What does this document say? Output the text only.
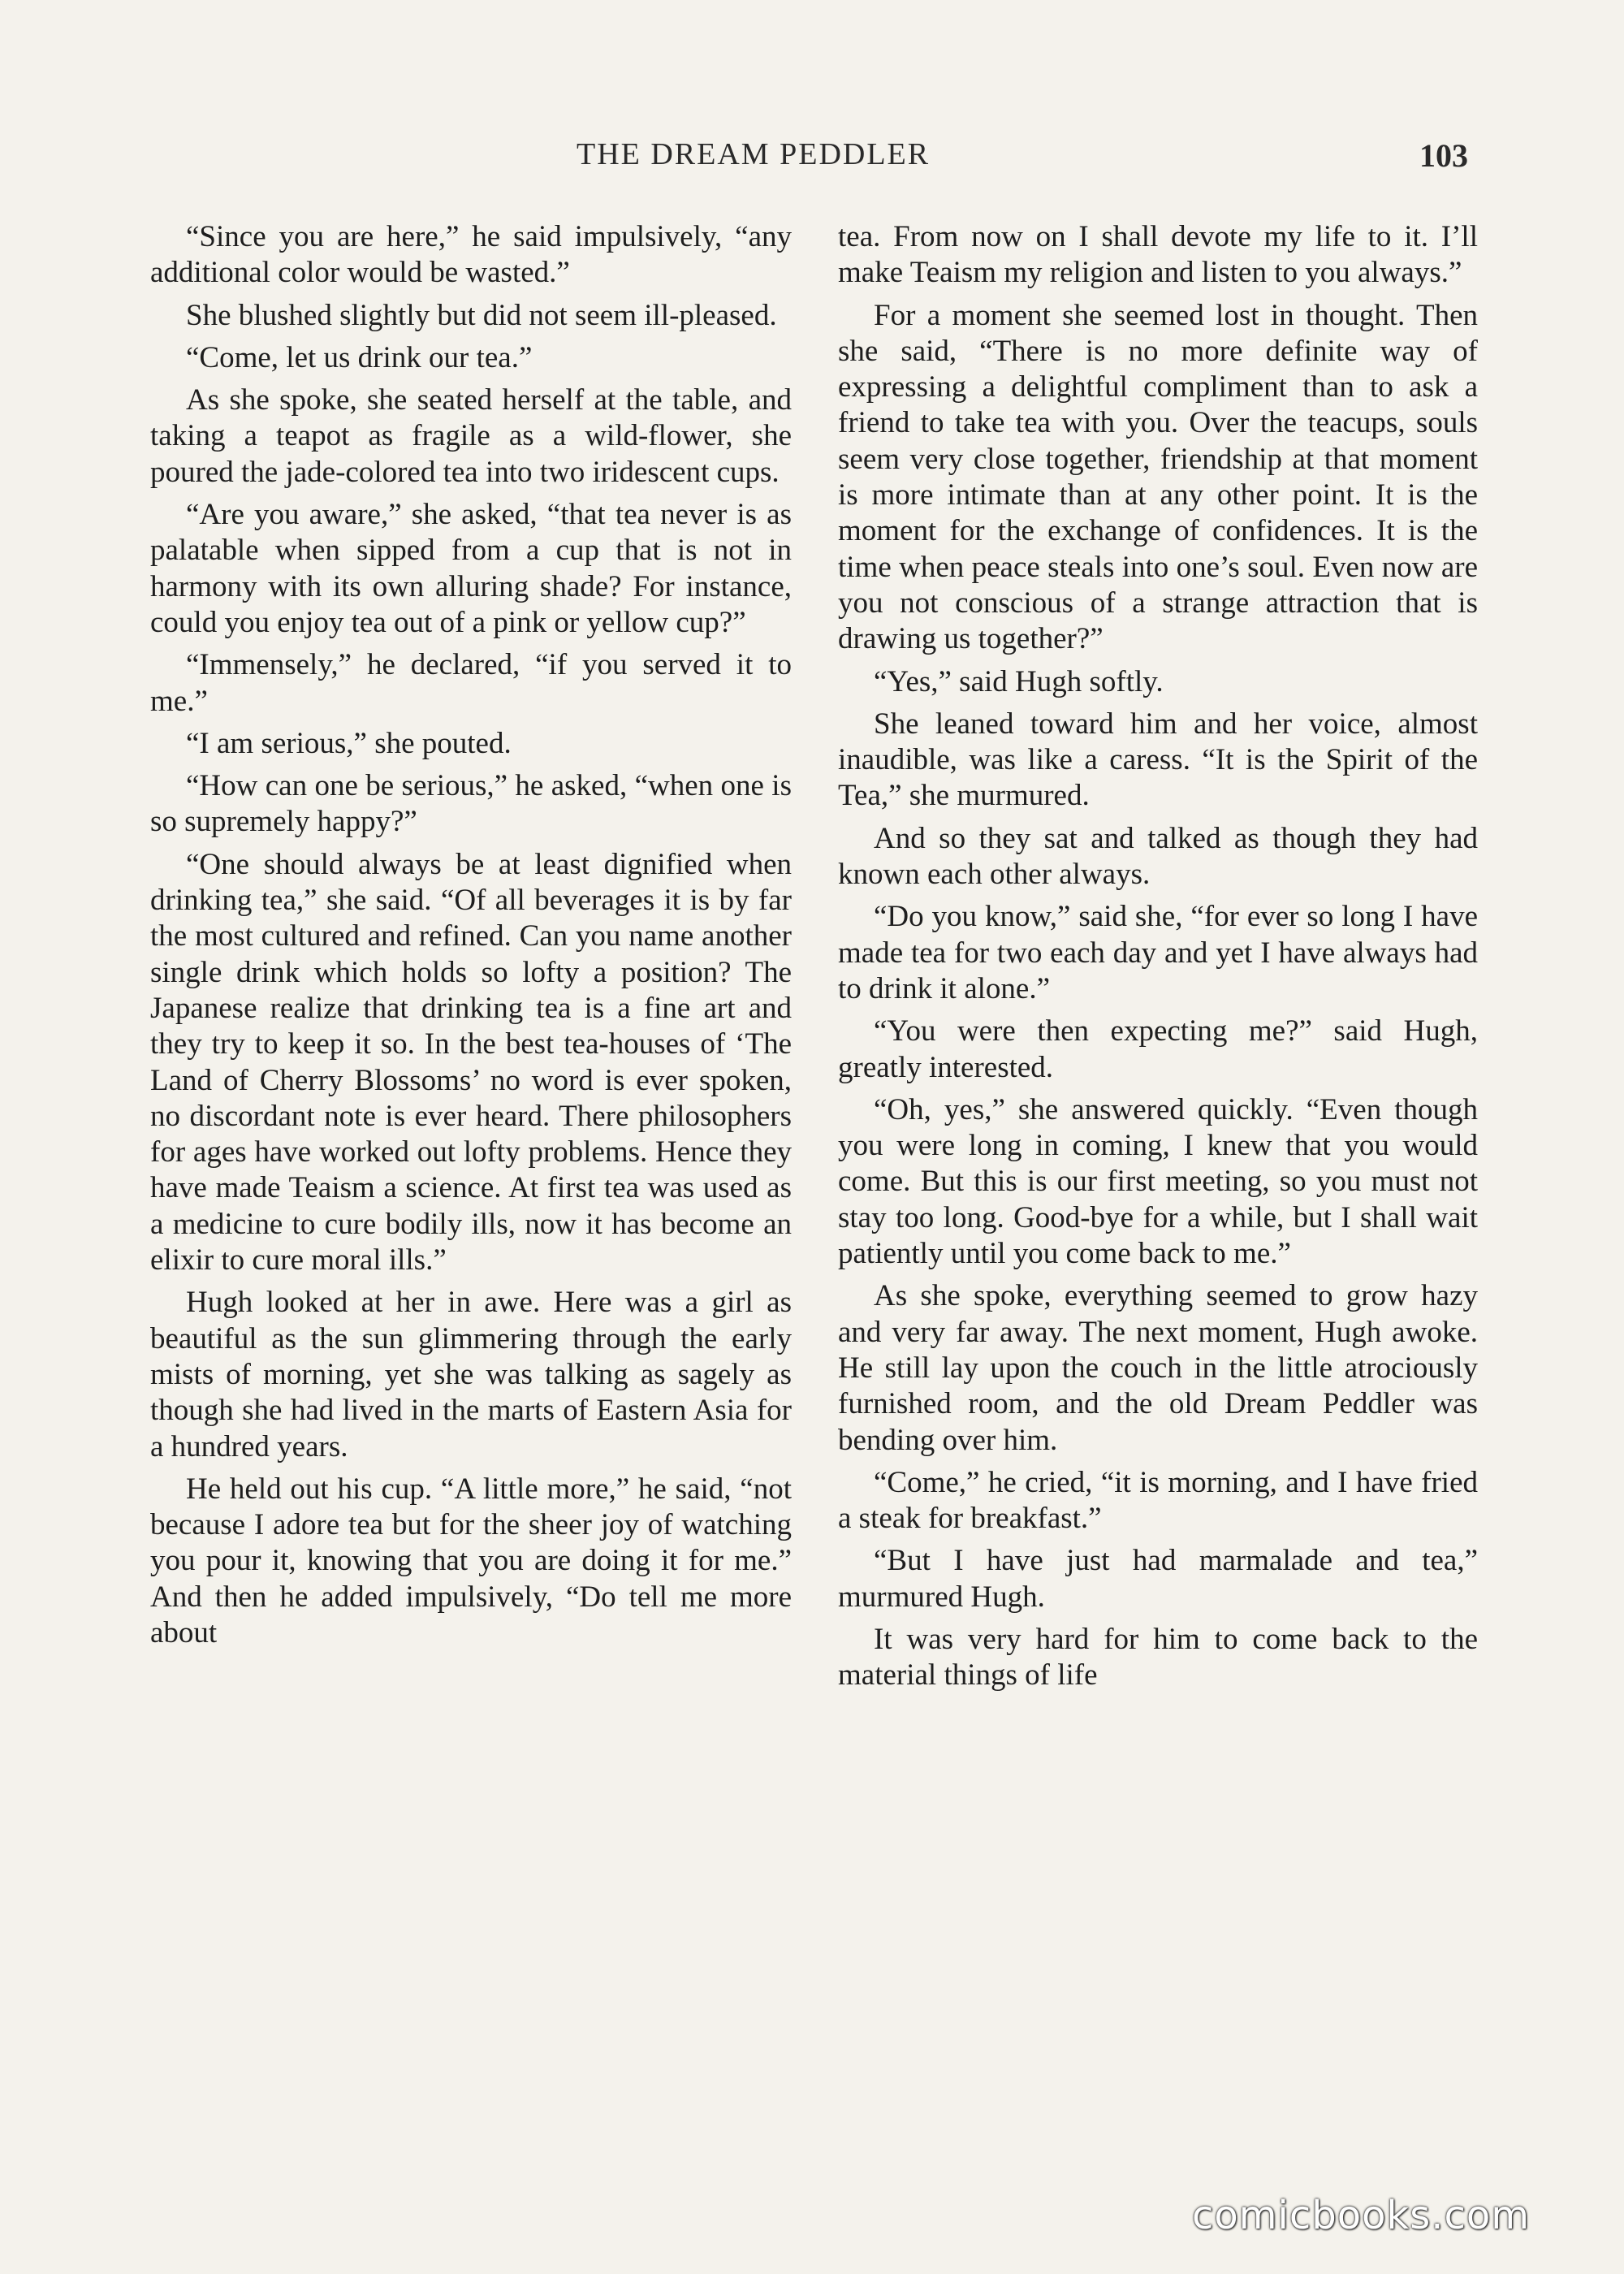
THE DREAM PEDDLER	103

“Since you are here,” he said impulsively, “any additional color would be wasted.”

She blushed slightly but did not seem ill-pleased.

“Come, let us drink our tea.”

As she spoke, she seated herself at the table, and taking a teapot as fragile as a wild-flower, she poured the jade-colored tea into two iridescent cups.

“Are you aware,” she asked, “that tea never is as palatable when sipped from a cup that is not in harmony with its own alluring shade? For instance, could you enjoy tea out of a pink or yellow cup?”

“Immensely,” he declared, “if you served it to me.”

“I am serious,” she pouted.

“How can one be serious,” he asked, “when one is so supremely happy?”

“One should always be at least dignified when drinking tea,” she said. “Of all beverages it is by far the most cultured and refined. Can you name another single drink which holds so lofty a position? The Japanese realize that drinking tea is a fine art and they try to keep it so. In the best tea-houses of ‘The Land of Cherry Blossoms’ no word is ever spoken, no discordant note is ever heard. There philosophers for ages have worked out lofty problems. Hence they have made Teaism a science. At first tea was used as a medicine to cure bodily ills, now it has become an elixir to cure moral ills.”

Hugh looked at her in awe. Here was a girl as beautiful as the sun glimmering through the early mists of morning, yet she was talking as sagely as though she had lived in the marts of Eastern Asia for a hundred years.

He held out his cup. “A little more,” he said, “not because I adore tea but for the sheer joy of watching you pour it, knowing that you are doing it for me.” And then he added impulsively, “Do tell me more about

tea. From now on I shall devote my life to it. I’ll make Teaism my religion and listen to you always.”

For a moment she seemed lost in thought. Then she said, “There is no more definite way of expressing a delightful compliment than to ask a friend to take tea with you. Over the teacups, souls seem very close together, friendship at that moment is more intimate than at any other point. It is the moment for the exchange of confidences. It is the time when peace steals into one’s soul. Even now are you not conscious of a strange attraction that is drawing us together?”

“Yes,” said Hugh softly.

She leaned toward him and her voice, almost inaudible, was like a caress. “It is the Spirit of the Tea,” she murmured.

And so they sat and talked as though they had known each other always.

“Do you know,” said she, “for ever so long I have made tea for two each day and yet I have always had to drink it alone.”

“You were then expecting me?” said Hugh, greatly interested.

“Oh, yes,” she answered quickly. “Even though you were long in coming, I knew that you would come. But this is our first meeting, so you must not stay too long. Good-bye for a while, but I shall wait patiently until you come back to me.”

As she spoke, everything seemed to grow hazy and very far away. The next moment, Hugh awoke. He still lay upon the couch in the little atrociously furnished room, and the old Dream Peddler was bending over him.

“Come,” he cried, “it is morning, and I have fried a steak for breakfast.”

“But I have just had marmalade and tea,” murmured Hugh.

It was very hard for him to come back to the material things of life

comicbooks.com
